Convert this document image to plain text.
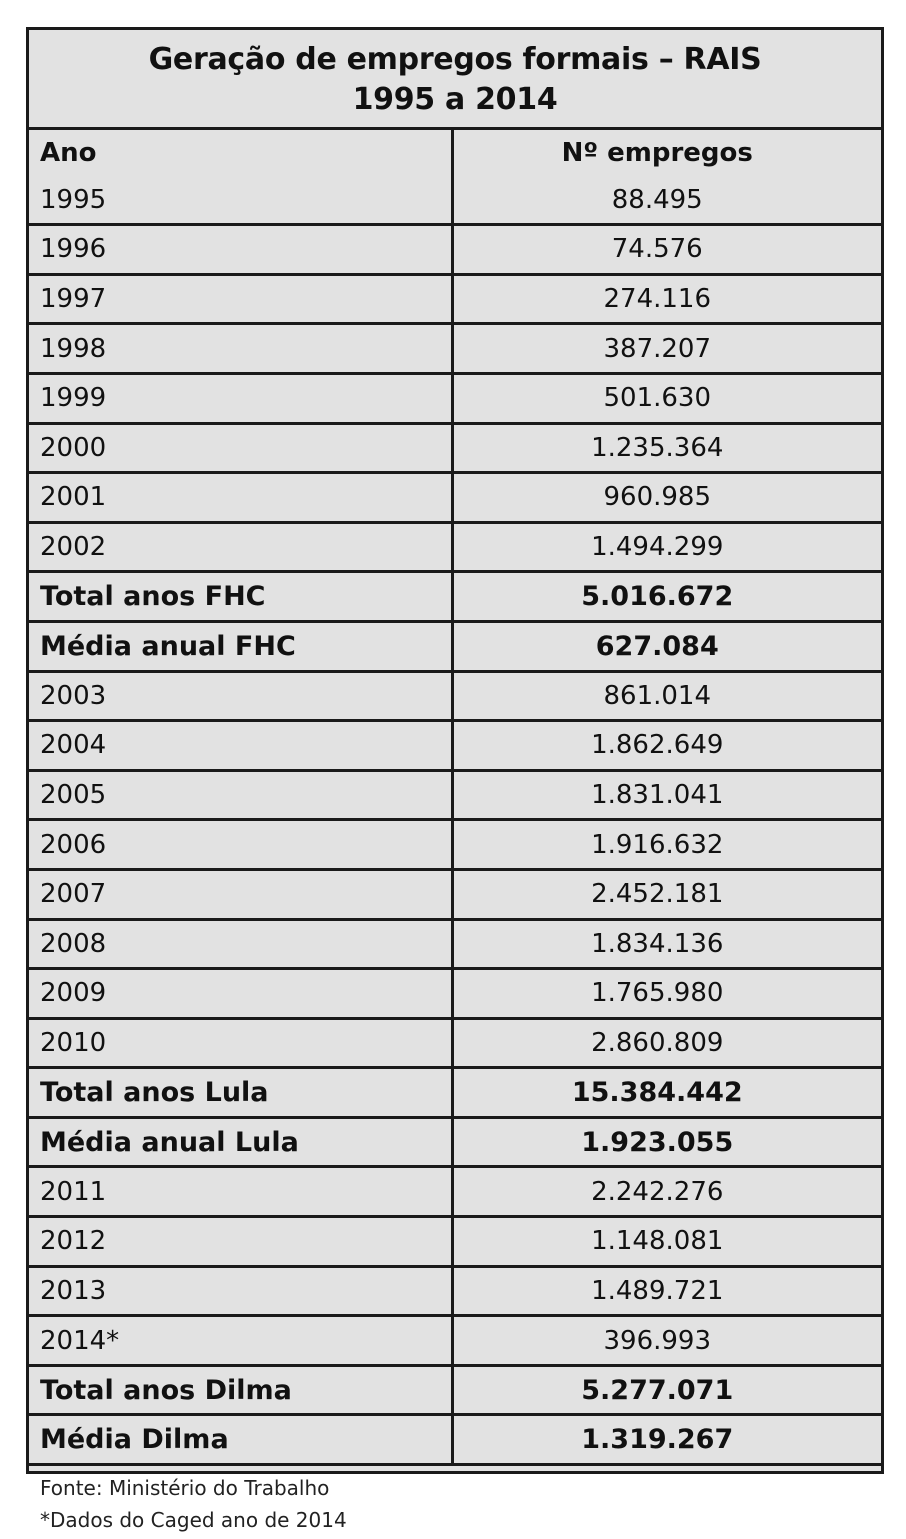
Geração de empregos formais – RAIS
1995 a 2014
Ano	Nº empregos
1995	88.495
1996	74.576
1997	274.116
1998	387.207
1999	501.630
2000	1.235.364
2001	960.985
2002	1.494.299
Total anos FHC	5.016.672
Média anual FHC	627.084
2003	861.014
2004	1.862.649
2005	1.831.041
2006	1.916.632
2007	2.452.181
2008	1.834.136
2009	1.765.980
2010	2.860.809
Total anos Lula	15.384.442
Média anual Lula	1.923.055
2011	2.242.276
2012	1.148.081
2013	1.489.721
2014*	396.993
Total anos Dilma	5.277.071
Média Dilma	1.319.267
Fonte: Ministério do Trabalho
*Dados do Caged ano de 2014
